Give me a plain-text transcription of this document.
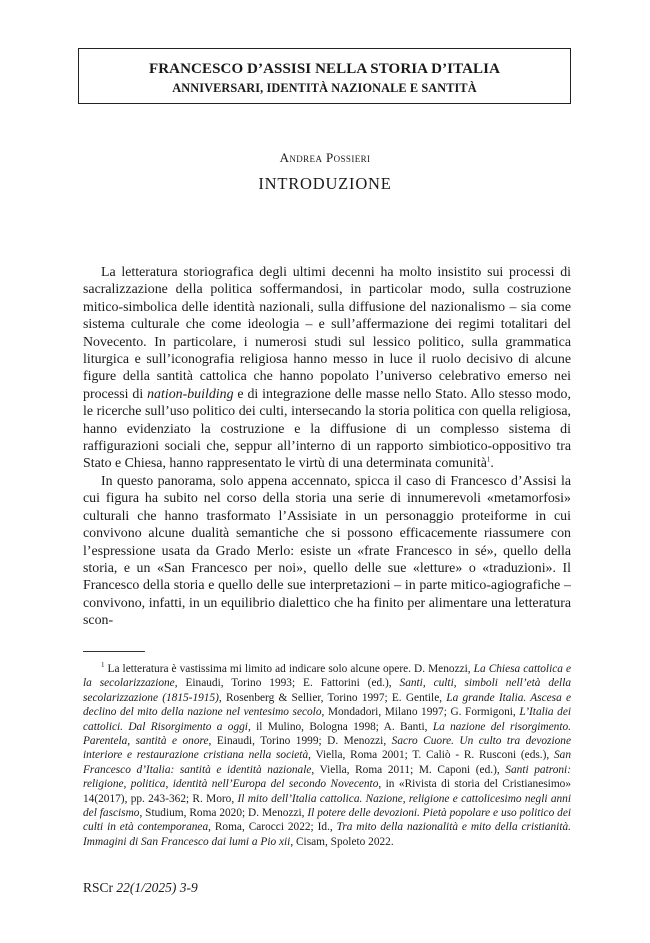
FRANCESCO D’ASSISI NELLA STORIA D’ITALIA
ANNIVERSARI, IDENTITÀ NAZIONALE E SANTITÀ
Andrea Possieri
INTRODUZIONE

La letteratura storiografica degli ultimi decenni ha molto insistito sui processi di sacralizzazione della politica soffermandosi, in particolar modo, sulla costruzione mitico-simbolica delle identità nazionali, sulla diffusione del nazionalismo – sia come sistema culturale che come ideologia – e sull’affermazione dei regimi totalitari del Novecento. In particolare, i numerosi studi sul lessico politico, sulla grammatica liturgica e sull’iconografia religiosa hanno messo in luce il ruolo decisivo di alcune figure della santità cattolica che hanno popolato l’universo celebrativo emerso nei processi di nation-building e di integrazione delle masse nello Stato. Allo stesso modo, le ricerche sull’uso politico dei culti, intersecando la storia politica con quella religiosa, hanno evidenziato la costruzione e la diffusione di un complesso sistema di raffigurazioni sociali che, seppur all’interno di un rapporto simbiotico-oppositivo tra Stato e Chiesa, hanno rappresentato le virtù di una determinata comunità$^1$.

In questo panorama, solo appena accennato, spicca il caso di Francesco d’Assisi la cui figura ha subito nel corso della storia una serie di innumerevoli «metamorfosi» culturali che hanno trasformato l’Assisiate in un personaggio proteiforme in cui convivono alcune dualità semantiche che si possono efficacemente riassumere con l’espressione usata da Grado Merlo: esiste un «frate Francesco in sé», quello della storia, e un «San Francesco per noi», quello delle sue «letture» o «traduzioni». Il Francesco della storia e quello delle sue interpretazioni – in parte mitico-agiografiche – convivono, infatti, in un equilibrio dialettico che ha finito per alimentare una letteratura scon-

$^1$ La letteratura è vastissima mi limito ad indicare solo alcune opere. D. Menozzi, La Chiesa cattolica e la secolarizzazione, Einaudi, Torino 1993; E. Fattorini (ed.), Santi, culti, simboli nell’età della secolarizzazione (1815-1915), Rosenberg & Sellier, Torino 1997; E. Gentile, La grande Italia. Ascesa e declino del mito della nazione nel ventesimo secolo, Mondadori, Milano 1997; G. Formigoni, L’Italia dei cattolici. Dal Risorgimento a oggi, il Mulino, Bologna 1998; A. Banti, La nazione del risorgimento. Parentela, santità e onore, Einaudi, Torino 1999; D. Menozzi, Sacro Cuore. Un culto tra devozione interiore e restaurazione cristiana nella società, Viella, Roma 2001; T. Caliò - R. Rusconi (eds.), San Francesco d’Italia: santità e identità nazionale, Viella, Roma 2011; M. Caponi (ed.), Santi patroni: religione, politica, identità nell’Europa del secondo Novecento, in «Rivista di storia del Cristianesimo» 14(2017), pp. 243-362; R. Moro, Il mito dell’Italia cattolica. Nazione, religione e cattolicesimo negli anni del fascismo, Studium, Roma 2020; D. Menozzi, Il potere delle devozioni. Pietà popolare e uso politico dei culti in età contemporanea, Roma, Carocci 2022; Id., Tra mito della nazionalità e mito della cristianità. Immagini di San Francesco dai lumi a Pio xii, Cisam, Spoleto 2022.

RSCr 22(1/2025) 3-9
